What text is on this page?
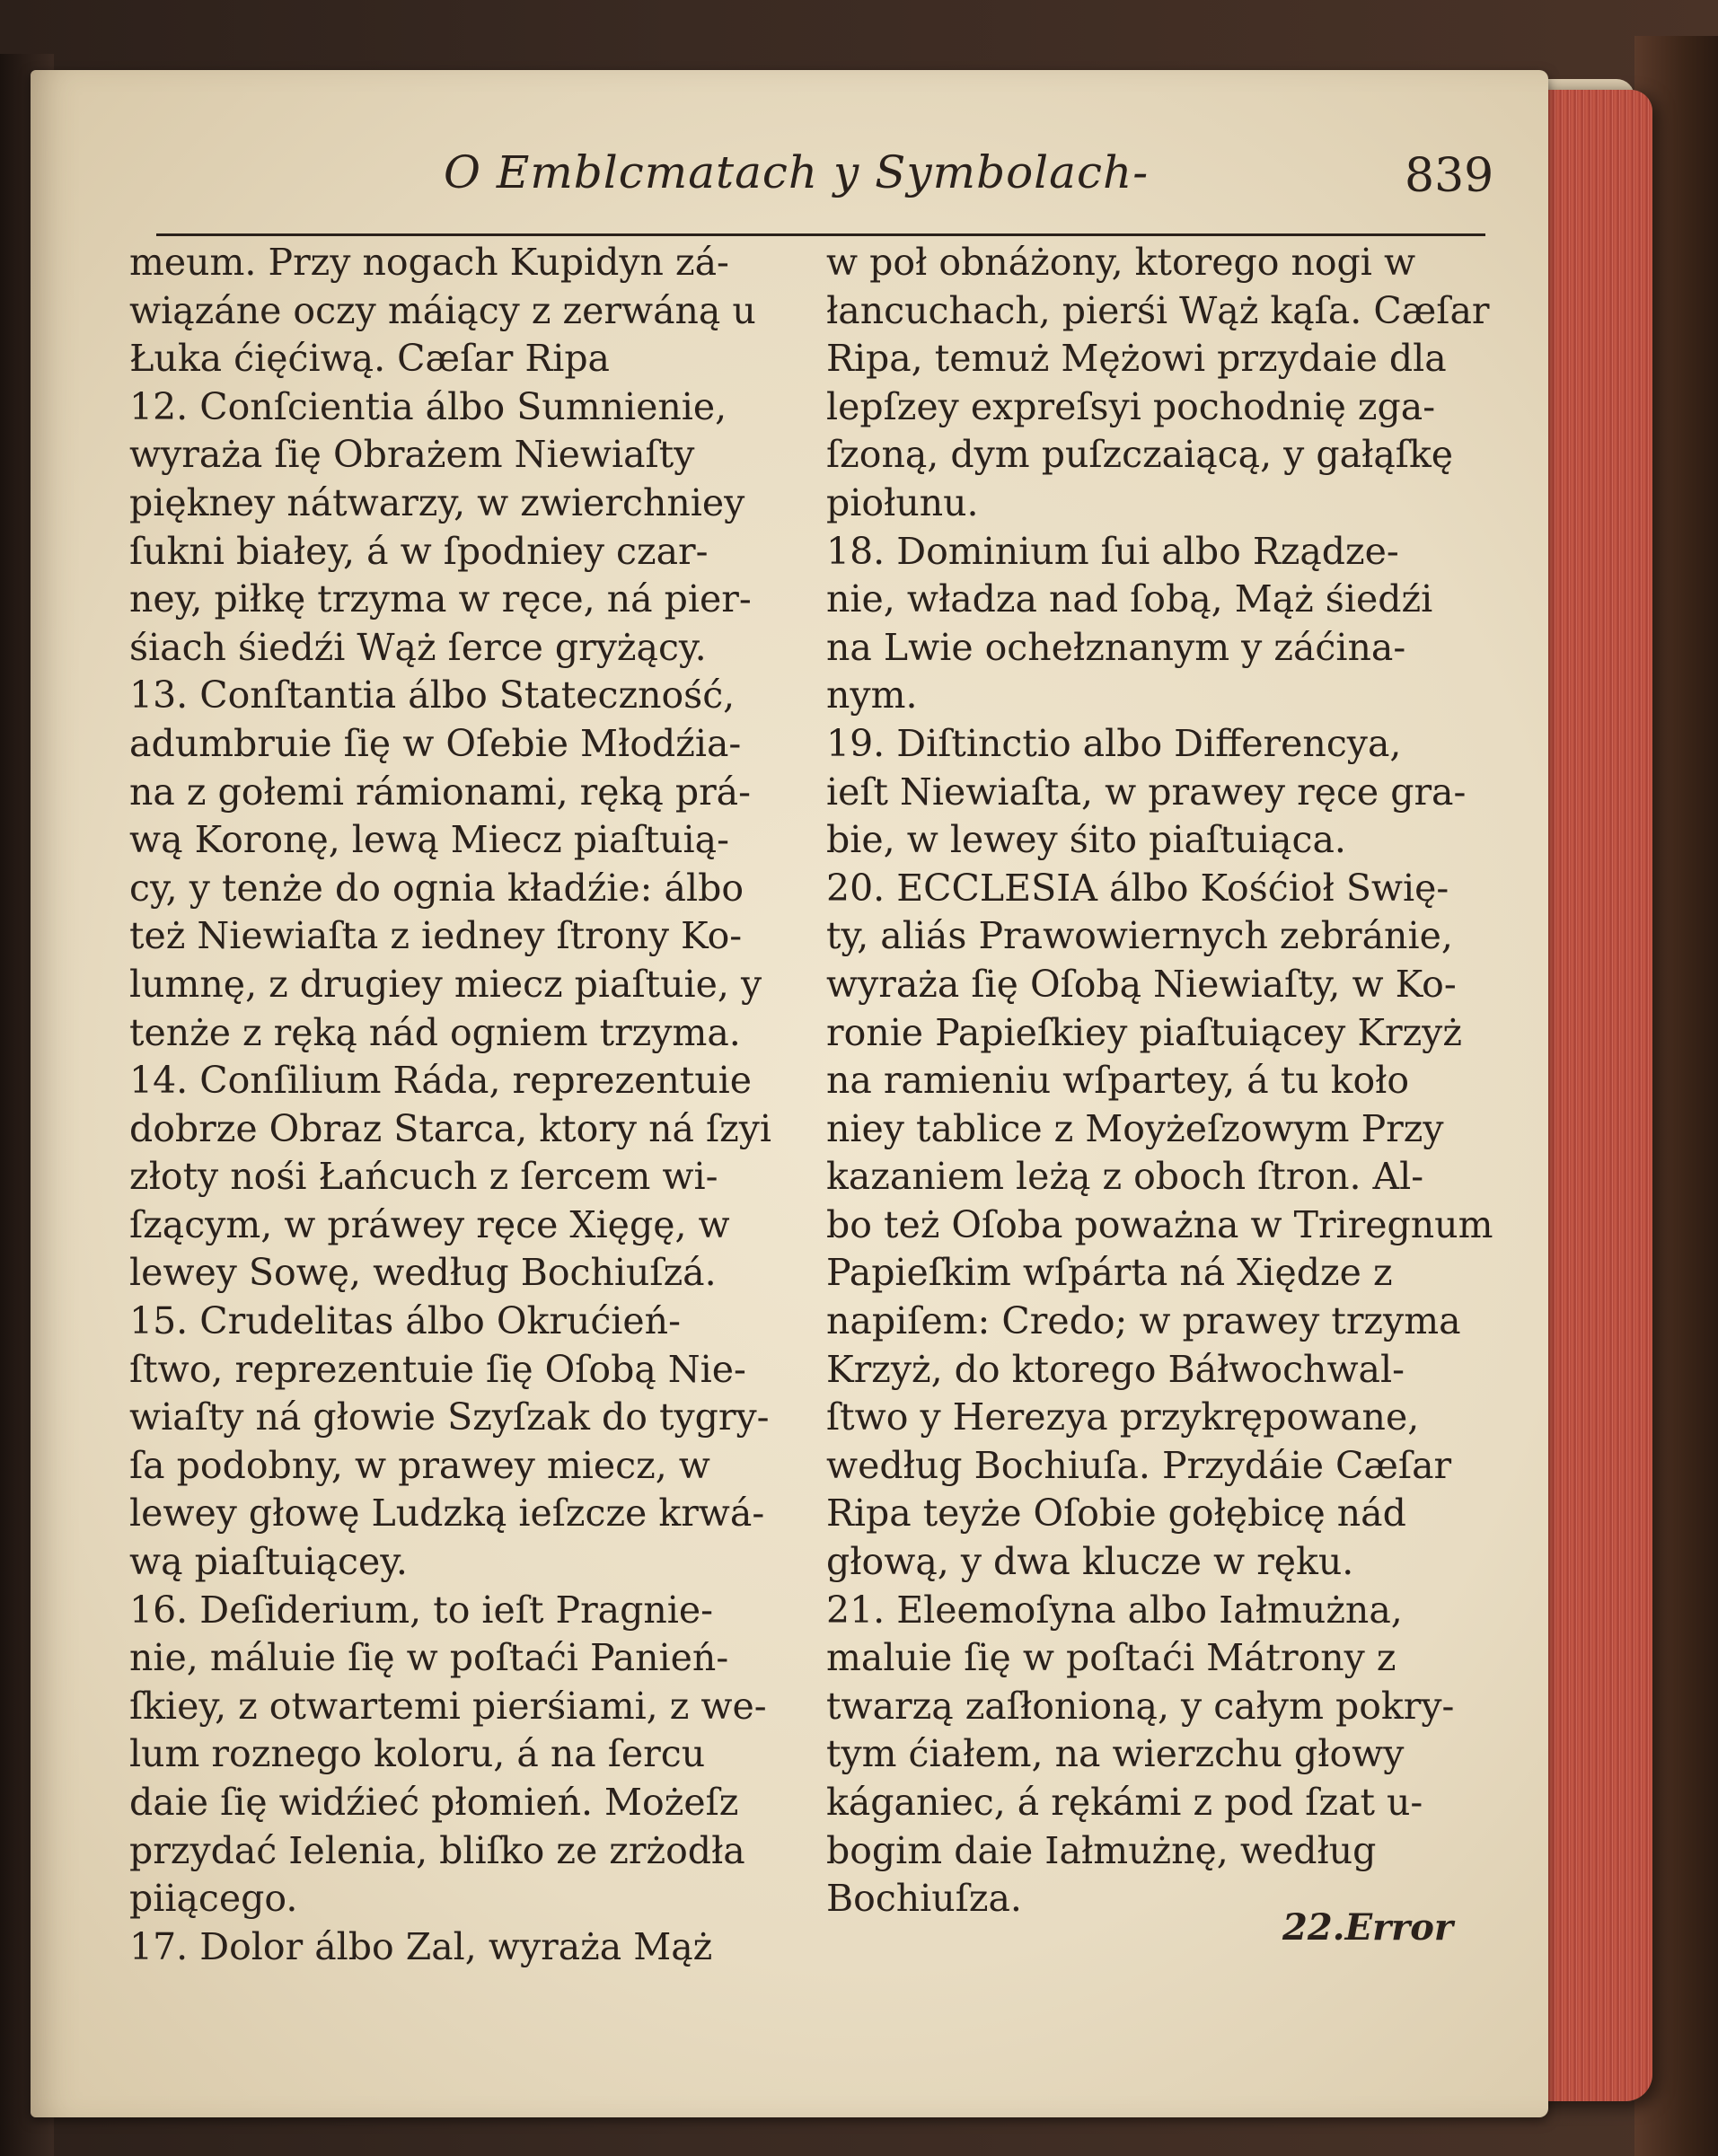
O Emblcmatach y Symbolach-	839
meum. Przy nogach Kupidyn zá-
wiązáne oczy máiący z zerwáną u
Łuka ćięćiwą. Cæſar Ripa
12. Conſcientia álbo Sumnienie,
wyraża ſię Obrażem Niewiaſty
piękney nátwarzy, w zwierchniey
ſukni białey, á w ſpodniey czar-
ney, piłkę trzyma w ręce, ná pier-
śiach śiedźi Wąż ſerce gryżący.
13. Conſtantia álbo Stateczność,
adumbruie ſię w Oſebie Młodźia-
na z gołemi rámionami, ręką prá-
wą Koronę, lewą Miecz piaſtuią-
cy, y tenże do ognia kładźie: álbo
też Niewiaſta z iedney ſtrony Ko-
lumnę, z drugiey miecz piaſtuie, y
tenże z ręką nád ogniem trzyma.
14. Conſilium Ráda, reprezentuie
dobrze Obraz Starca, ktory ná ſzyi
złoty nośi Łańcuch z ſercem wi-
ſzącym, w práwey ręce Xięgę, w
lewey Sowę, według Bochiuſzá.
15. Crudelitas álbo Okrućień-
ſtwo, reprezentuie ſię Oſobą Nie-
wiaſty ná głowie Szyſzak do tygry-
ſa podobny, w prawey miecz, w
lewey głowę Ludzką ieſzcze krwá-
wą piaſtuiącey.
16. Deſiderium, to ieſt Pragnie-
nie, máluie ſię w poſtaći Panień-
ſkiey, z otwartemi pierśiami, z we-
lum roznego koloru, á na ſercu
daie ſię widźieć płomień. Możeſz
przydać Ielenia, bliſko ze zrżodła
piiącego.
17. Dolor álbo Zal, wyraża Mąż
w poł obnáżony, ktorego nogi w
łancuchach, pierśi Wąż kąſa. Cæſar
Ripa, temuż Mężowi przydaie dla
lepſzey expreſsyi pochodnię zga-
ſzoną, dym puſzczaiącą, y gałąſkę
piołunu.
18. Dominium ſui albo Rządze-
nie, władza nad ſobą, Mąż śiedźi
na Lwie ochełznanym y záćina-
nym.
19. Diſtinctio albo Differencya,
ieſt Niewiaſta, w prawey ręce gra-
bie, w lewey śito piaſtuiąca.
20. ECCLESIA álbo Kośćioł Swię-
ty, aliás Prawowiernych zebránie,
wyraża ſię Oſobą Niewiaſty, w Ko-
ronie Papieſkiey piaſtuiącey Krzyż
na ramieniu wſpartey, á tu koło
niey tablice z Moyżeſzowym Przy
kazaniem leżą z oboch ſtron. Al-
bo też Oſoba poważna w Triregnum
Papieſkim wſpárta ná Xiędze z
napiſem: Credo; w prawey trzyma
Krzyż, do ktorego Báłwochwal-
ſtwo y Herezya przykrępowane,
według Bochiuſa. Przydáie Cæſar
Ripa teyże Oſobie gołębicę nád
głową, y dwa klucze w ręku.
21. Eleemoſyna albo Iałmużna,
maluie ſię w poſtaći Mátrony z
twarzą zaſłonioną, y całym pokry-
tym ćiałem, na wierzchu głowy
káganiec, á rękámi z pod ſzat u-
bogim daie Iałmużnę, według
Bochiuſza.
22.Error
